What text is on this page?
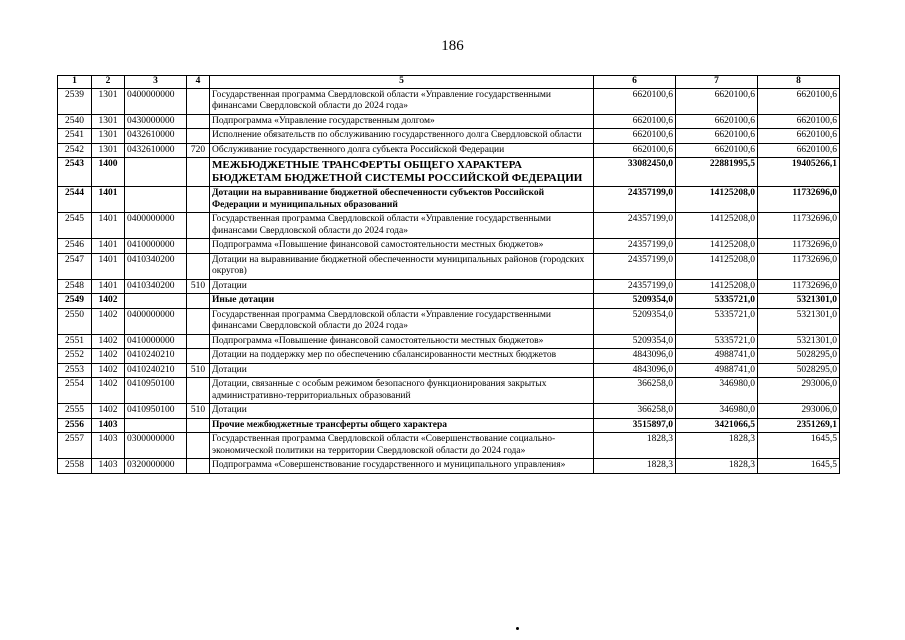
186
1	2	3	4	5	6	7	8
2539	1301	0400000000		Государственная программа Свердловской области «Управление государственными финансами Свердловской области до 2024 года»	6620100,6	6620100,6	6620100,6
2540	1301	0430000000		Подпрограмма «Управление государственным долгом»	6620100,6	6620100,6	6620100,6
2541	1301	0432610000		Исполнение обязательств по обслуживанию государственного долга Свердловской области	6620100,6	6620100,6	6620100,6
2542	1301	0432610000	720	Обслуживание государственного долга субъекта Российской Федерации	6620100,6	6620100,6	6620100,6
2543	1400			МЕЖБЮДЖЕТНЫЕ ТРАНСФЕРТЫ ОБЩЕГО ХАРАКТЕРА БЮДЖЕТАМ БЮДЖЕТНОЙ СИСТЕМЫ РОССИЙСКОЙ ФЕДЕРАЦИИ	33082450,0	22881995,5	19405266,1
2544	1401			Дотации на выравнивание бюджетной обеспеченности субъектов Российской Федерации и муниципальных образований	24357199,0	14125208,0	11732696,0
2545	1401	0400000000		Государственная программа Свердловской области «Управление государственными финансами Свердловской области до 2024 года»	24357199,0	14125208,0	11732696,0
2546	1401	0410000000		Подпрограмма «Повышение финансовой самостоятельности местных бюджетов»	24357199,0	14125208,0	11732696,0
2547	1401	0410340200		Дотации на выравнивание бюджетной обеспеченности муниципальных районов (городских округов)	24357199,0	14125208,0	11732696,0
2548	1401	0410340200	510	Дотации	24357199,0	14125208,0	11732696,0
2549	1402			Иные дотации	5209354,0	5335721,0	5321301,0
2550	1402	0400000000		Государственная программа Свердловской области «Управление государственными финансами Свердловской области до 2024 года»	5209354,0	5335721,0	5321301,0
2551	1402	0410000000		Подпрограмма «Повышение финансовой самостоятельности местных бюджетов»	5209354,0	5335721,0	5321301,0
2552	1402	0410240210		Дотации на поддержку мер по обеспечению сбалансированности местных бюджетов	4843096,0	4988741,0	5028295,0
2553	1402	0410240210	510	Дотации	4843096,0	4988741,0	5028295,0
2554	1402	0410950100		Дотации, связанные с особым режимом безопасного функционирования закрытых административно-территориальных образований	366258,0	346980,0	293006,0
2555	1402	0410950100	510	Дотации	366258,0	346980,0	293006,0
2556	1403			Прочие межбюджетные трансферты общего характера	3515897,0	3421066,5	2351269,1
2557	1403	0300000000		Государственная программа Свердловской области «Совершенствование социально-экономической политики на территории Свердловской области до 2024 года»	1828,3	1828,3	1645,5
2558	1403	0320000000		Подпрограмма «Совершенствование государственного и муниципального управления»	1828,3	1828,3	1645,5
